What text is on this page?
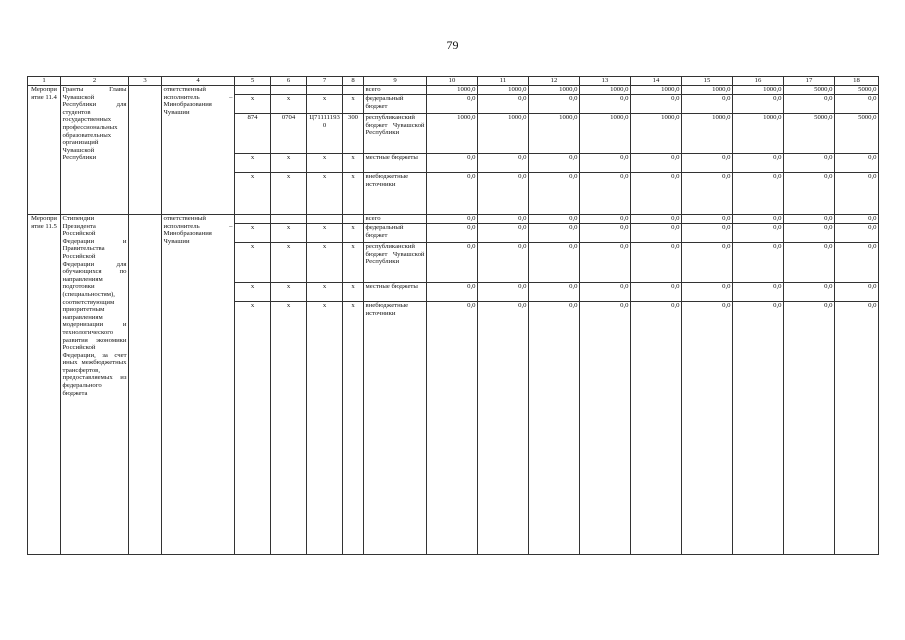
79
1	2	3	4	5	6	7	8	9	10	11	12	13	14	15	16	17	18
Мероприятие 11.4	Гранты Главы Чувашской Республики для студентов государственных профессиональных образовательных организаций Чувашской Республики		ответственный исполнитель – Минобразования Чувашии					всего	1000,0	1000,0	1000,0	1000,0	1000,0	1000,0	1000,0	5000,0	5000,0
				х	х	х	х	федеральный бюджет	0,0	0,0	0,0	0,0	0,0	0,0	0,0	0,0	0,0
				874	0704	Ц711111930	300	республиканский бюджет Чувашской Республики	1000,0	1000,0	1000,0	1000,0	1000,0	1000,0	1000,0	5000,0	5000,0
				х	х	х	х	местные бюджеты	0,0	0,0	0,0	0,0	0,0	0,0	0,0	0,0	0,0
				х	х	х	х	внебюджетные источники	0,0	0,0	0,0	0,0	0,0	0,0	0,0	0,0	0,0
Мероприятие 11.5	Стипендии Президента Российской Федерации и Правительства Российской Федерации для обучающихся по направлениям подготовки (специальностям), соответствующим приоритетным направлениям модернизации и технологического развития экономики Российской Федерации, за счет иных межбюджетных трансфертов, предоставляемых из федерального бюджета		ответственный исполнитель – Минобразования Чувашии					всего	0,0	0,0	0,0	0,0	0,0	0,0	0,0	0,0	0,0
				х	х	х	х	федеральный бюджет	0,0	0,0	0,0	0,0	0,0	0,0	0,0	0,0	0,0
				х	х	х	х	республиканский бюджет Чувашской Республики	0,0	0,0	0,0	0,0	0,0	0,0	0,0	0,0	0,0
				х	х	х	х	местные бюджеты	0,0	0,0	0,0	0,0	0,0	0,0	0,0	0,0	0,0
				х	х	х	х	внебюджетные источники	0,0	0,0	0,0	0,0	0,0	0,0	0,0	0,0	0,0
